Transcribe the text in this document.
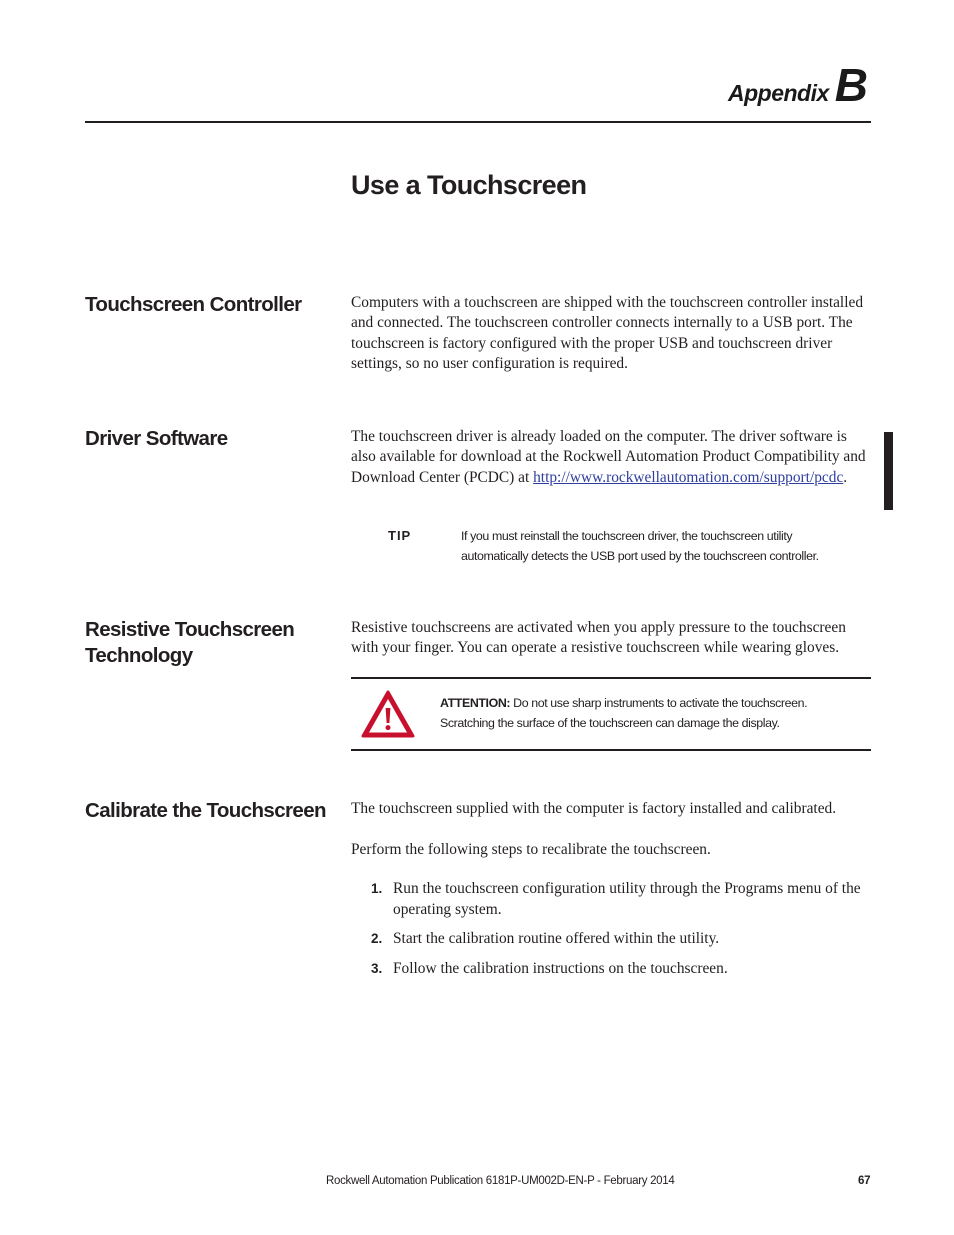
Appendix B
Use a Touchscreen
Touchscreen Controller	Computers with a touchscreen are shipped with the touchscreen controller installed and connected. The touchscreen controller connects internally to a USB port. The touchscreen is factory configured with the proper USB and touchscreen driver settings, so no user configuration is required.

Driver Software	The touchscreen driver is already loaded on the computer. The driver software is also available for download at the Rockwell Automation Product Compatibility and Download Center (PCDC) at http://www.rockwellautomation.com/support/pcdc.

TIP	If you must reinstall the touchscreen driver, the touchscreen utility automatically detects the USB port used by the touchscreen controller.

Resistive Touchscreen Technology

Resistive touchscreens are activated when you apply pressure to the touchscreen with your finger. You can operate a resistive touchscreen while wearing gloves.

ATTENTION: Do not use sharp instruments to activate the touchscreen. Scratching the surface of the touchscreen can damage the display.

Calibrate the Touchscreen	The touchscreen supplied with the computer is factory installed and calibrated.

Perform the following steps to recalibrate the touchscreen.

1. Run the touchscreen configuration utility through the Programs menu of the operating system.
2. Start the calibration routine offered within the utility.
3. Follow the calibration instructions on the touchscreen.
Rockwell Automation Publication 6181P-UM002D-EN-P - February 2014	67
